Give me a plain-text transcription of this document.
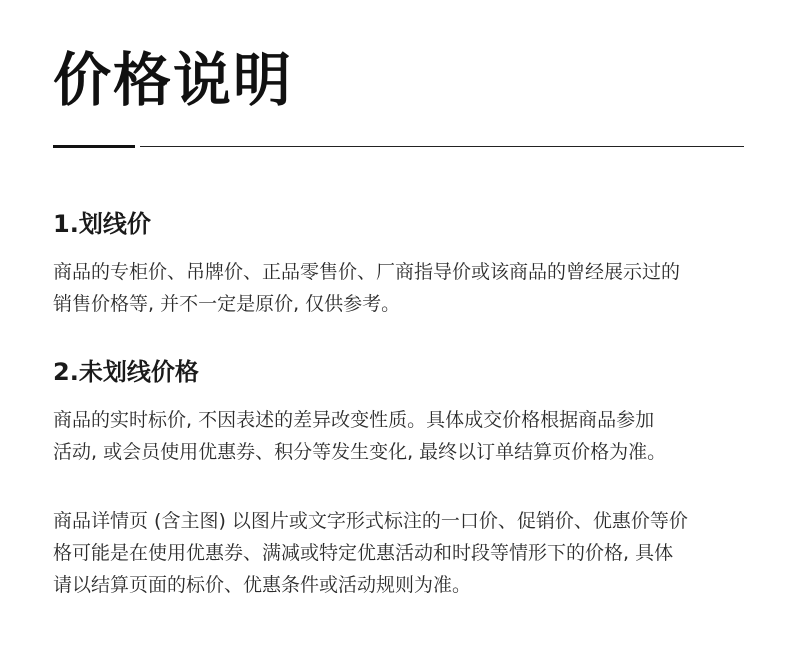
价格说明
1.划线价
商品的专柜价、吊牌价、正品零售价、厂商指导价或该商品的曾经展示过的
销售价格等, 并不一定是原价, 仅供参考。
2.未划线价格
商品的实时标价, 不因表述的差异改变性质。具体成交价格根据商品参加
活动, 或会员使用优惠券、积分等发生变化, 最终以订单结算页价格为准。
商品详情页 (含主图) 以图片或文字形式标注的一口价、促销价、优惠价等价
格可能是在使用优惠券、满减或特定优惠活动和时段等情形下的价格, 具体
请以结算页面的标价、优惠条件或活动规则为准。
